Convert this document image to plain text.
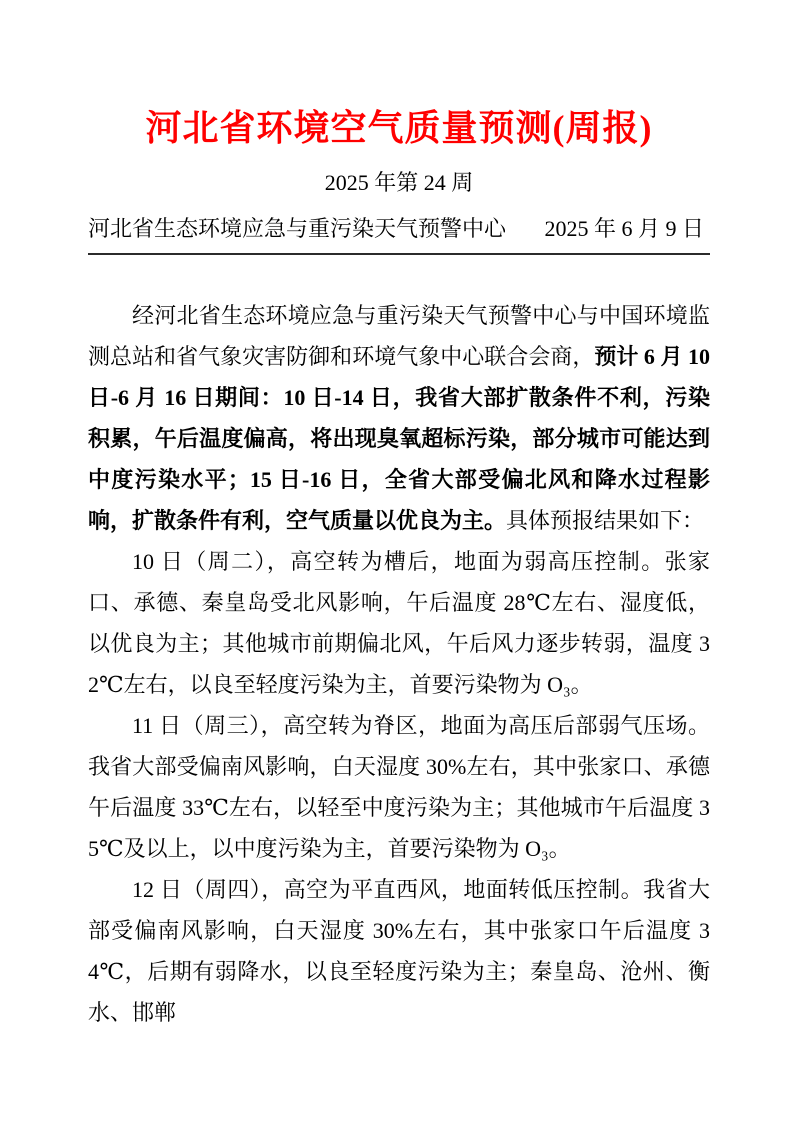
河北省环境空气质量预测(周报)
2025 年第 24 周
河北省生态环境应急与重污染天气预警中心 2025 年 6 月 9 日

经河北省生态环境应急与重污染天气预警中心与中国环境监测总站和省气象灾害防御和环境气象中心联合会商，预计 6 月 10 日-6 月 16 日期间：10 日-14 日，我省大部扩散条件不利，污染积累，午后温度偏高，将出现臭氧超标污染，部分城市可能达到中度污染水平；15 日-16 日，全省大部受偏北风和降水过程影响，扩散条件有利，空气质量以优良为主。具体预报结果如下：

10 日（周二），高空转为槽后，地面为弱高压控制。张家口、承德、秦皇岛受北风影响，午后温度 28℃左右、湿度低，以优良为主；其他城市前期偏北风，午后风力逐步转弱，温度 32℃左右，以良至轻度污染为主，首要污染物为 O₃。

11 日（周三），高空转为脊区，地面为高压后部弱气压场。我省大部受偏南风影响，白天湿度 30%左右，其中张家口、承德午后温度 33℃左右，以轻至中度污染为主；其他城市午后温度 35℃及以上，以中度污染为主，首要污染物为 O₃。

12 日（周四），高空为平直西风，地面转低压控制。我省大部受偏南风影响，白天湿度 30%左右，其中张家口午后温度 34℃，后期有弱降水，以良至轻度污染为主；秦皇岛、沧州、衡水、邯郸
